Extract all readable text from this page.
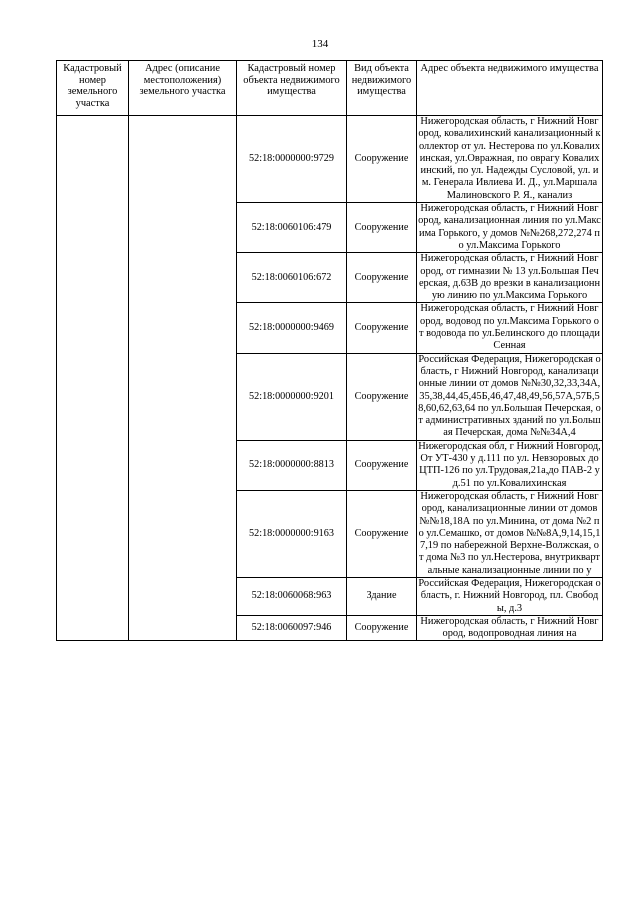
134
Кадастровый номер земельного участка	Адрес (описание местоположения) земельного участка	Кадастровый номер объекта недвижимого имущества	Вид объекта недвижимого имущества	Адрес объекта недвижимого имущества
		52:18:0000000:9729	Сооружение	Нижегородская область, г Нижний Новгород, ковалихинский канализационный коллектор от ул. Нестерова по ул.Ковалихинская, ул.Овражная, по оврагу Ковалихинский, по ул. Надежды Сусловой, ул. им. Генерала Ивлиева И. Д., ул.Маршала Малиновского Р. Я., канализ
		52:18:0060106:479	Сооружение	Нижегородская область, г Нижний Новгород, канализационная линия по ул.Максима Горького, у домов №№268,272,274 по ул.Максима Горького
		52:18:0060106:672	Сооружение	Нижегородская область, г Нижний Новгород, от гимназии № 13 ул.Большая Печерская, д.63В до врезки в канализационную линию по ул.Максима Горького
		52:18:0000000:9469	Сооружение	Нижегородская область, г Нижний Новгород, водовод по ул.Максима Горького от водовода по ул.Белинского до площади Сенная
		52:18:0000000:9201	Сооружение	Российская Федерация, Нижегородская область, г Нижний Новгород, канализационные линии от домов №№30,32,33,34А,35,38,44,45,45Б,46,47,48,49,56,57А,57Б,58,60,62,63,64 по ул.Большая Печерская, от административных зданий по ул.Большая Печерская, дома №№34А,4
		52:18:0000000:8813	Сооружение	Нижегородская обл, г Нижний Новгород, От УТ-430 у д.111 по ул. Невзоровых до ЦТП-126 по ул.Трудовая,21а,до ПАВ-2 у д.51 по ул.Ковалихинская
		52:18:0000000:9163	Сооружение	Нижегородская область, г Нижний Новгород, канализационные линии от домов №№18,18А по ул.Минина, от дома №2 по ул.Семашко, от домов №№8А,9,14,15,17,19 по набережной Верхне-Волжская, от дома №3 по ул.Нестерова, внутриквартальные канализационные линии по у
		52:18:0060068:963	Здание	Российская Федерация, Нижегородская область, г. Нижний Новгород, пл. Свободы, д.3
		52:18:0060097:946	Сооружение	Нижегородская область, г Нижний Новгород, водопроводная линия на
